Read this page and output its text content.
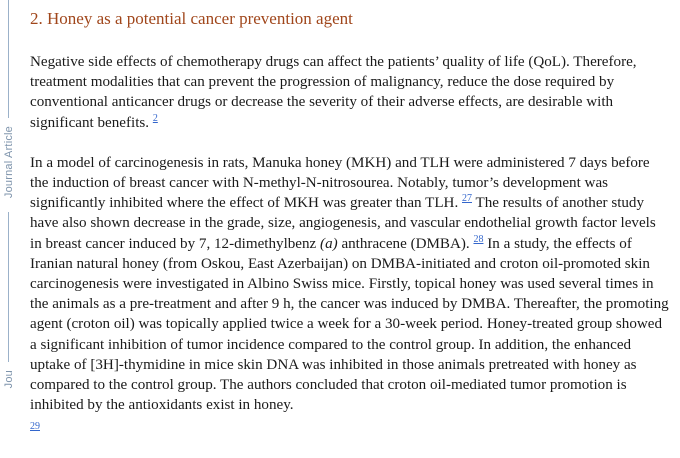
Journal Article
Jou
2. Honey as a potential cancer prevention agent

Negative side effects of chemotherapy drugs can affect the patients’ quality of life (QoL). Therefore, treatment modalities that can prevent the progression of malignancy, reduce the dose required by conventional anticancer drugs or decrease the severity of their adverse effects, are desirable with significant benefits. $^2$

In a model of carcinogenesis in rats, Manuka honey (MKH) and TLH were administered 7 days before the induction of breast cancer with N-methyl-N-nitrosourea. Notably, tumor’s development was significantly inhibited where the effect of MKH was greater than TLH. $^{27}$ The results of another study have also shown decrease in the grade, size, angiogenesis, and vascular endothelial growth factor levels in breast cancer induced by 7, 12-dimethylbenz (a) anthracene (DMBA). $^{28}$ In a study, the effects of Iranian natural honey (from Oskou, East Azerbaijan) on DMBA-initiated and croton oil-promoted skin carcinogenesis were investigated in Albino Swiss mice. Firstly, topical honey was used several times in the animals as a pre-treatment and after 9 h, the cancer was induced by DMBA. Thereafter, the promoting agent (croton oil) was topically applied twice a week for a 30-week period. Honey-treated group showed a significant inhibition of tumor incidence compared to the control group. In addition, the enhanced uptake of [3H]-thymidine in mice skin DNA was inhibited in those animals pretreated with honey as compared to the control group. The authors concluded that croton oil-mediated tumor promotion is inhibited by the antioxidants exist in honey.
29
